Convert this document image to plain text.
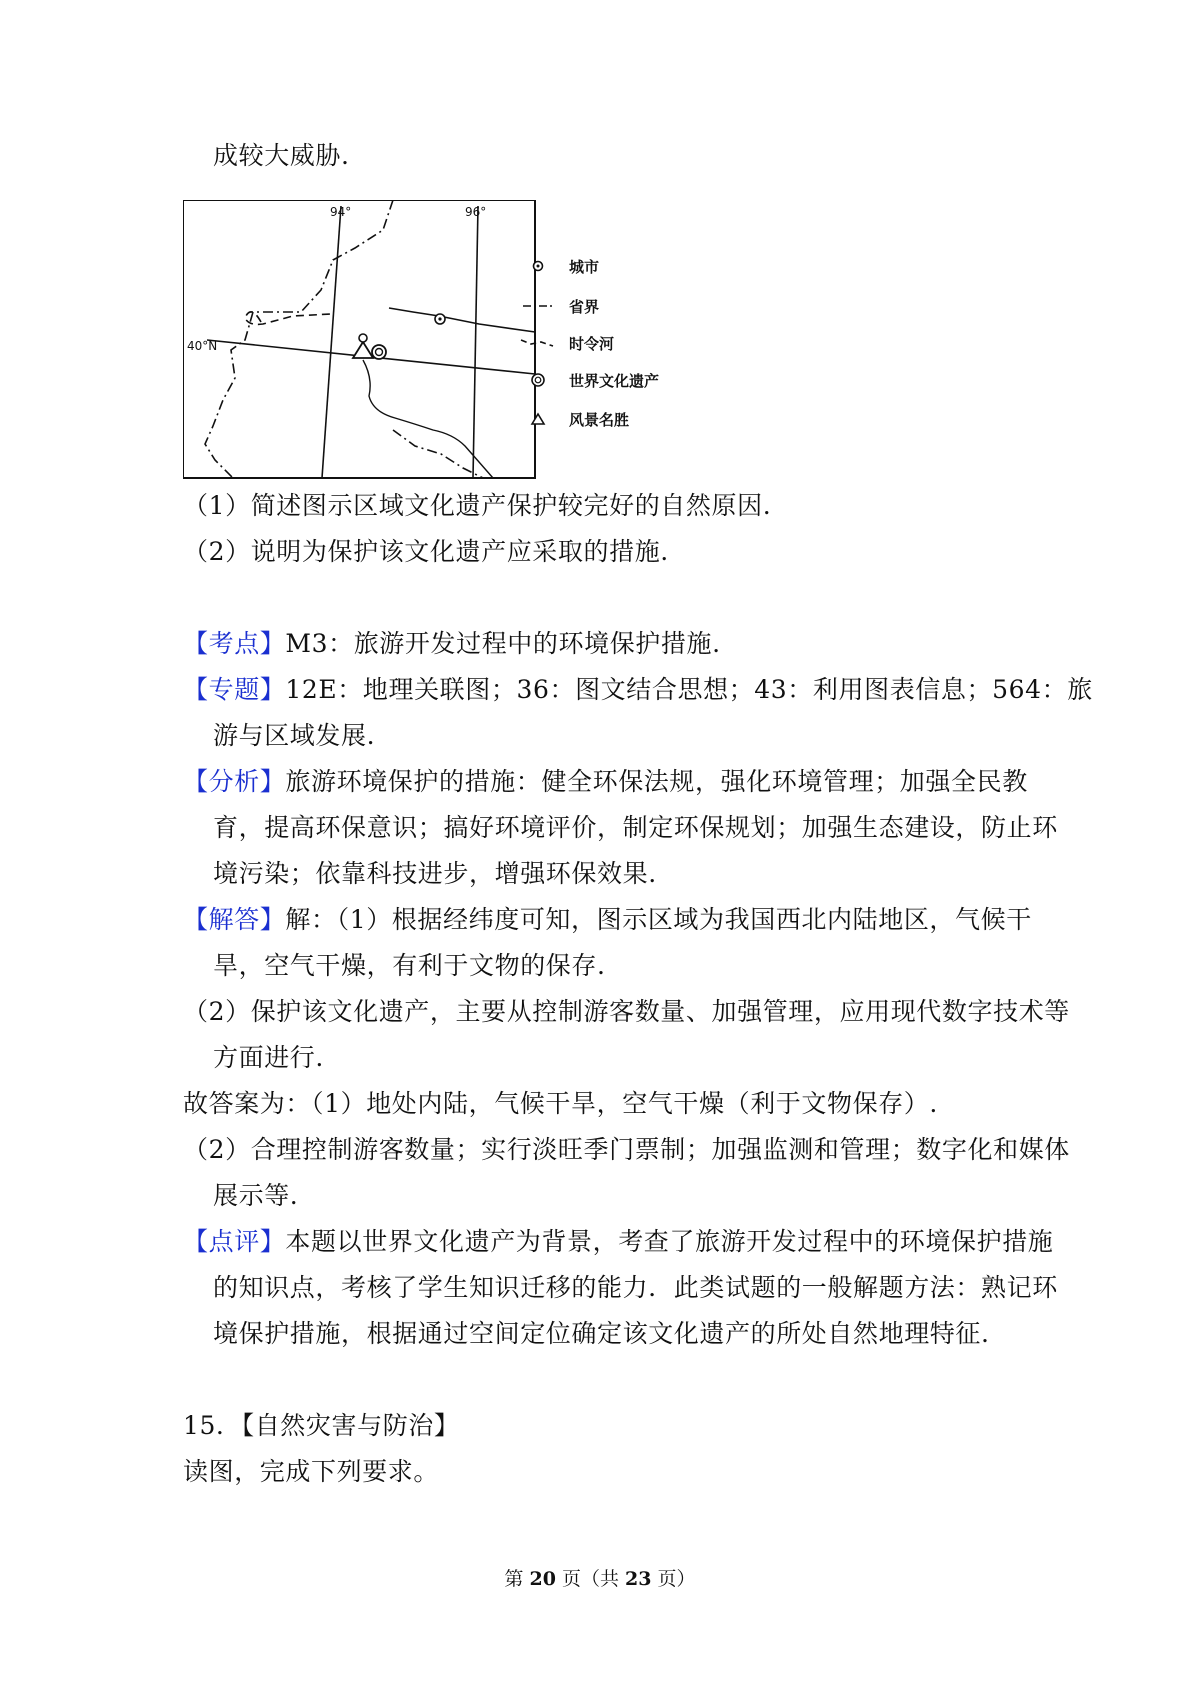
成较大威胁.

94°	96°
40°N
城市
省界
时令河
世界文化遗产
风景名胜

（1）简述图示区域文化遗产保护较完好的自然原因.

（2）说明为保护该文化遗产应采取的措施.

【考点】M3：旅游开发过程中的环境保护措施.

【专题】12E：地理关联图；36：图文结合思想；43：利用图表信息；564：旅

游与区域发展.

【分析】旅游环境保护的措施：健全环保法规，强化环境管理；加强全民教

育，提高环保意识；搞好环境评价，制定环保规划；加强生态建设，防止环

境污染；依靠科技进步，增强环保效果.

【解答】解：（1）根据经纬度可知，图示区域为我国西北内陆地区，气候干

旱，空气干燥，有利于文物的保存.

（2）保护该文化遗产，主要从控制游客数量、加强管理，应用现代数字技术等

方面进行.

故答案为：（1）地处内陆，气候干旱，空气干燥（利于文物保存）.

（2）合理控制游客数量；实行淡旺季门票制；加强监测和管理；数字化和媒体

展示等.

【点评】本题以世界文化遗产为背景，考查了旅游开发过程中的环境保护措施

的知识点，考核了学生知识迁移的能力．此类试题的一般解题方法：熟记环

境保护措施，根据通过空间定位确定该文化遗产的所处自然地理特征.

15．【自然灾害与防治】

读图，完成下列要求。

第 20 页（共 23 页）
